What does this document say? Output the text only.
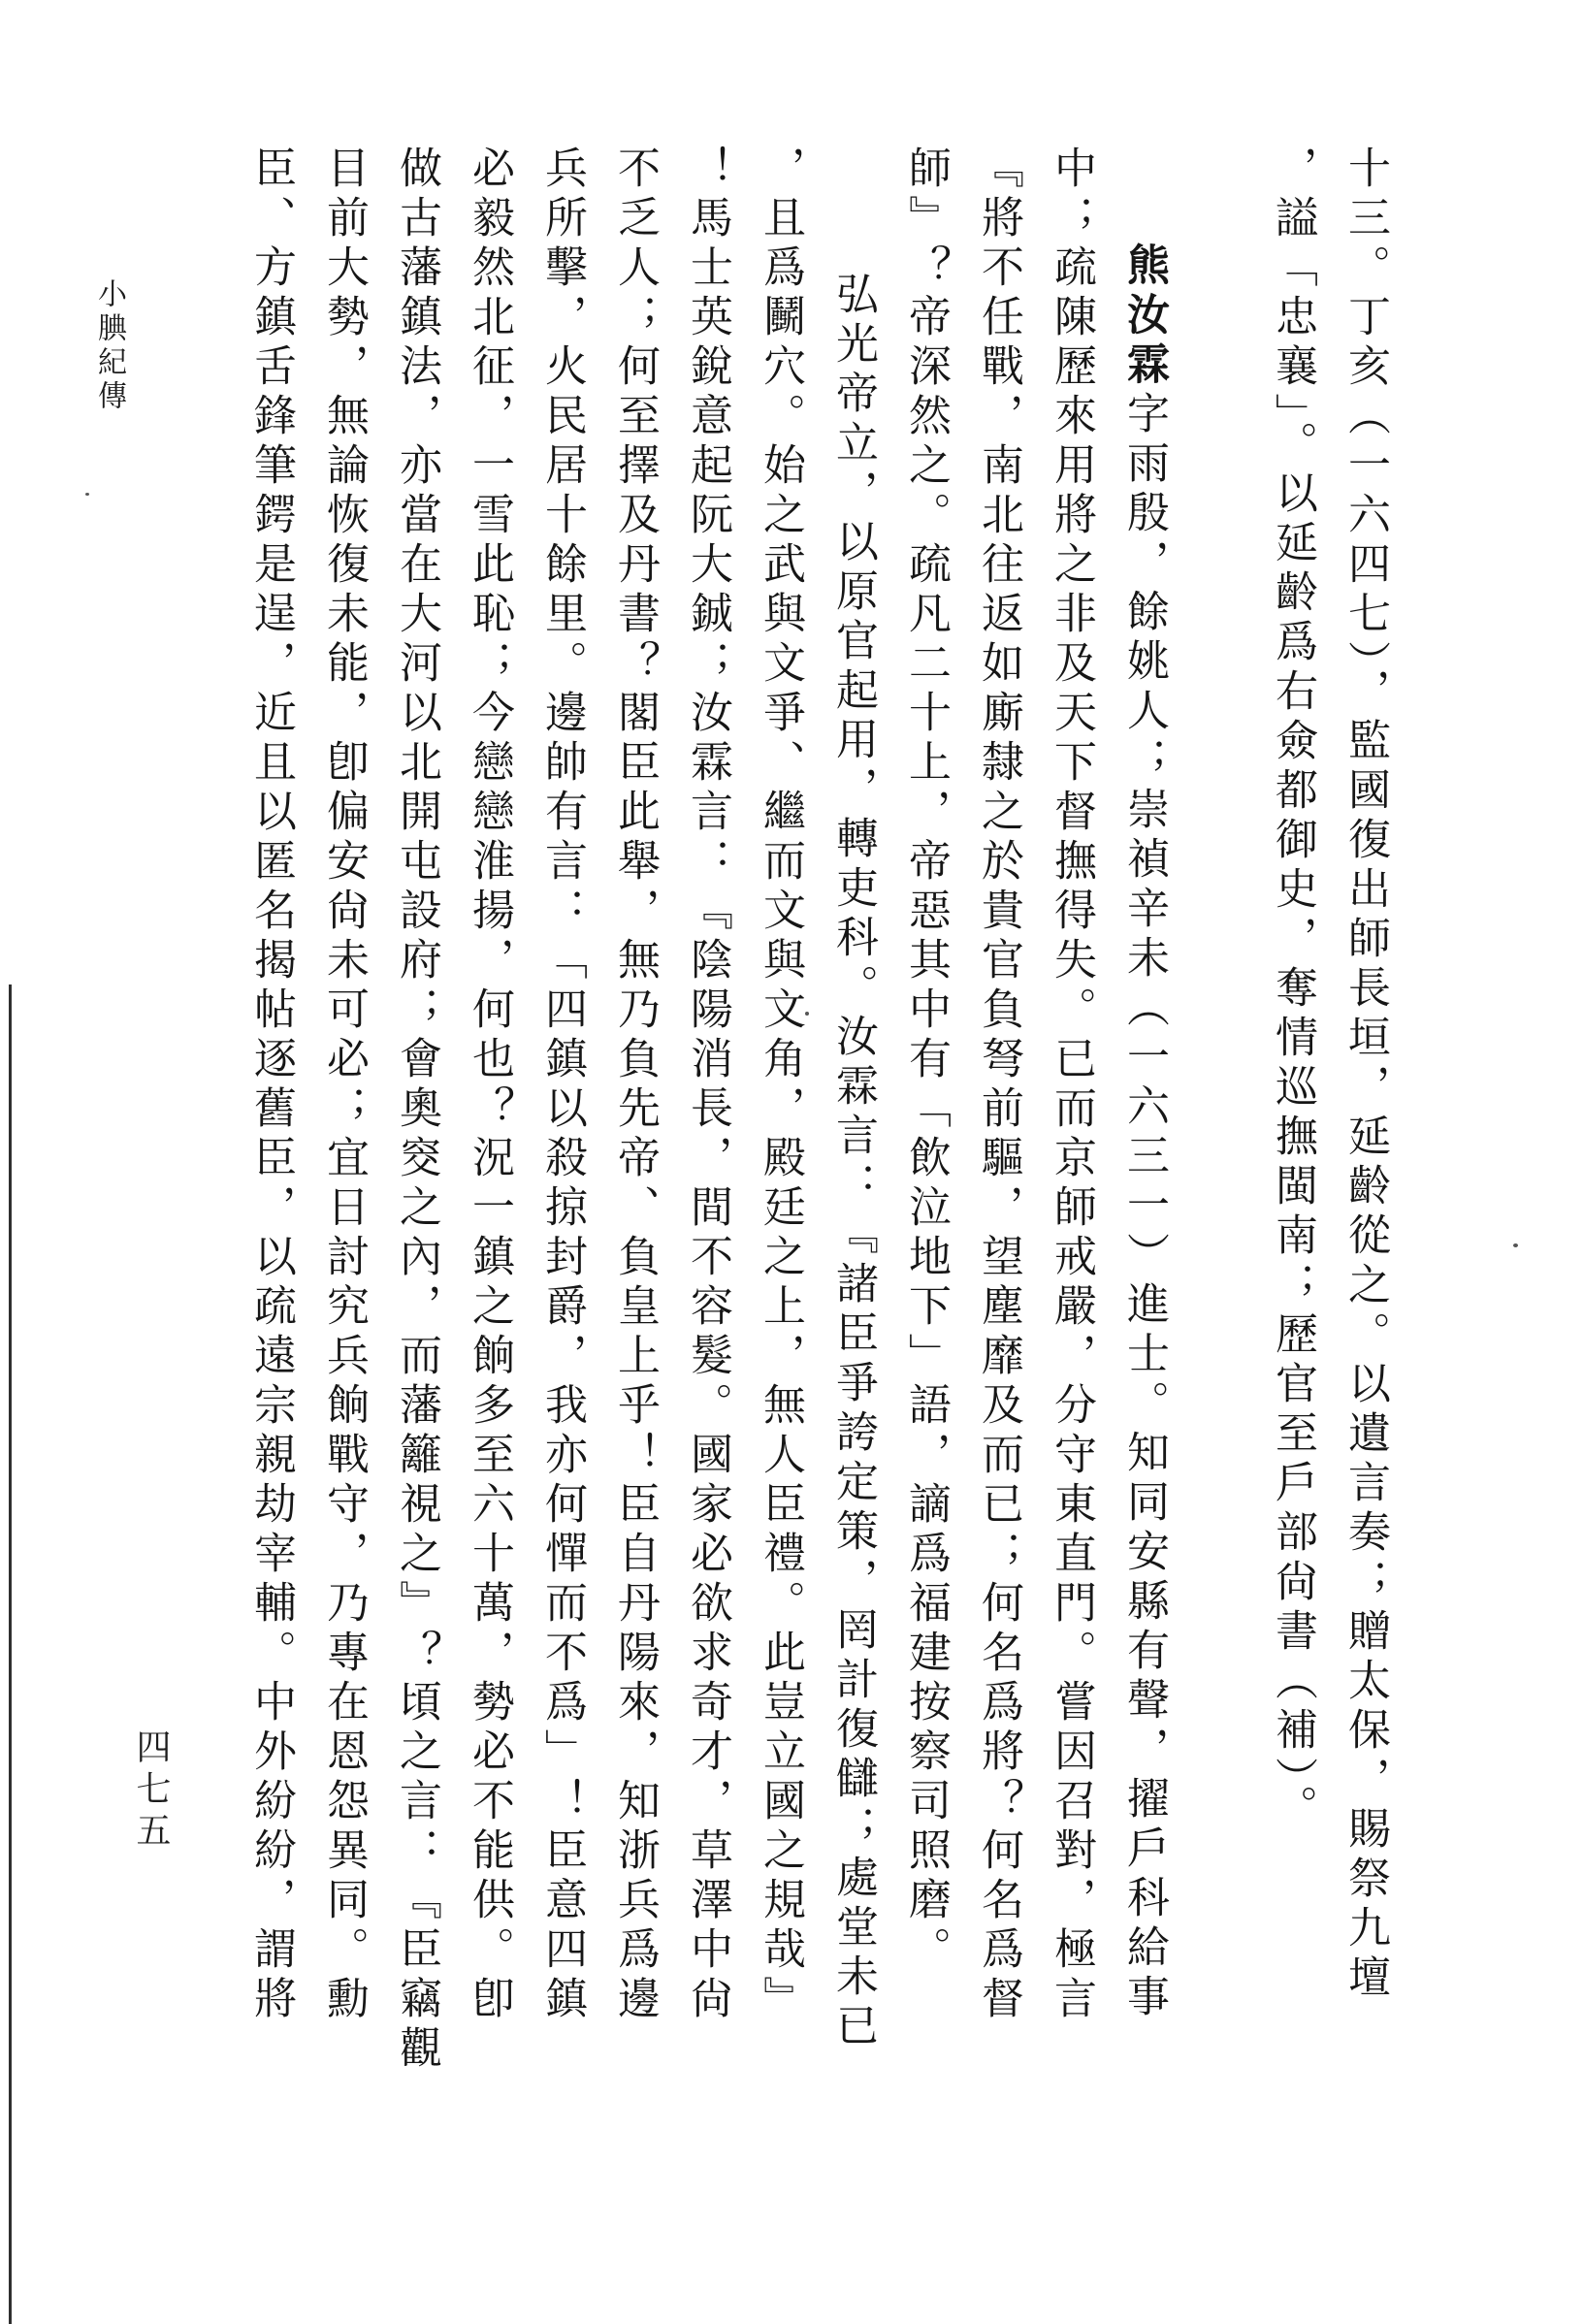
小腆紀傳
四七五	十三。丁亥（一六四七），監國復出師長垣，延齡從之。以遺言奏；贈太保，賜祭九壇
，謚「忠襄」。以延齡爲右僉都御史，奪情巡撫閩南；歷官至戶部尙書（補）。
熊汝霖字雨殷，餘姚人；崇禎辛未（一六三一）進士。知同安縣有聲，擢戶科給事
中；疏陳歷來用將之非及天下督撫得失。已而京師戒嚴，分守東直門。嘗因召對，極言
『將不任戰，南北往返如廝隸之於貴官負弩前驅，望塵靡及而已；何名爲將？何名爲督
師』？帝深然之。疏凡二十上，帝惡其中有「飲泣地下」語，謫爲福建按察司照磨。
弘光帝立，以原官起用，轉吏科。汝霖言：『諸臣爭誇定策，罔計復讎；處堂未已
，且爲鬭穴。始之武與文爭、繼而文與文角，殿廷之上，無人臣禮。此豈立國之規哉』
！馬士英銳意起阮大鋮；汝霖言：『陰陽消長，間不容髮。國家必欲求奇才，草澤中尙
不乏人；何至擇及丹書？閣臣此舉，無乃負先帝、負皇上乎！臣自丹陽來，知浙兵爲邊
兵所擊，火民居十餘里。邊帥有言：「四鎮以殺掠封爵，我亦何憚而不爲」！臣意四鎮
必毅然北征，一雪此恥；今戀戀淮揚，何也？況一鎮之餉多至六十萬，勢必不能供。卽
做古藩鎮法，亦當在大河以北開屯設府；會奧窔之內，而藩籬視之』？頃之言：『臣竊觀
目前大勢，無論恢復未能，卽偏安尙未可必；宜日討究兵餉戰守，乃專在恩怨異同。勳
臣、方鎮舌鋒筆鍔是逞，近且以匿名揭帖逐舊臣，以疏遠宗親劫宰輔。中外紛紛，謂將
